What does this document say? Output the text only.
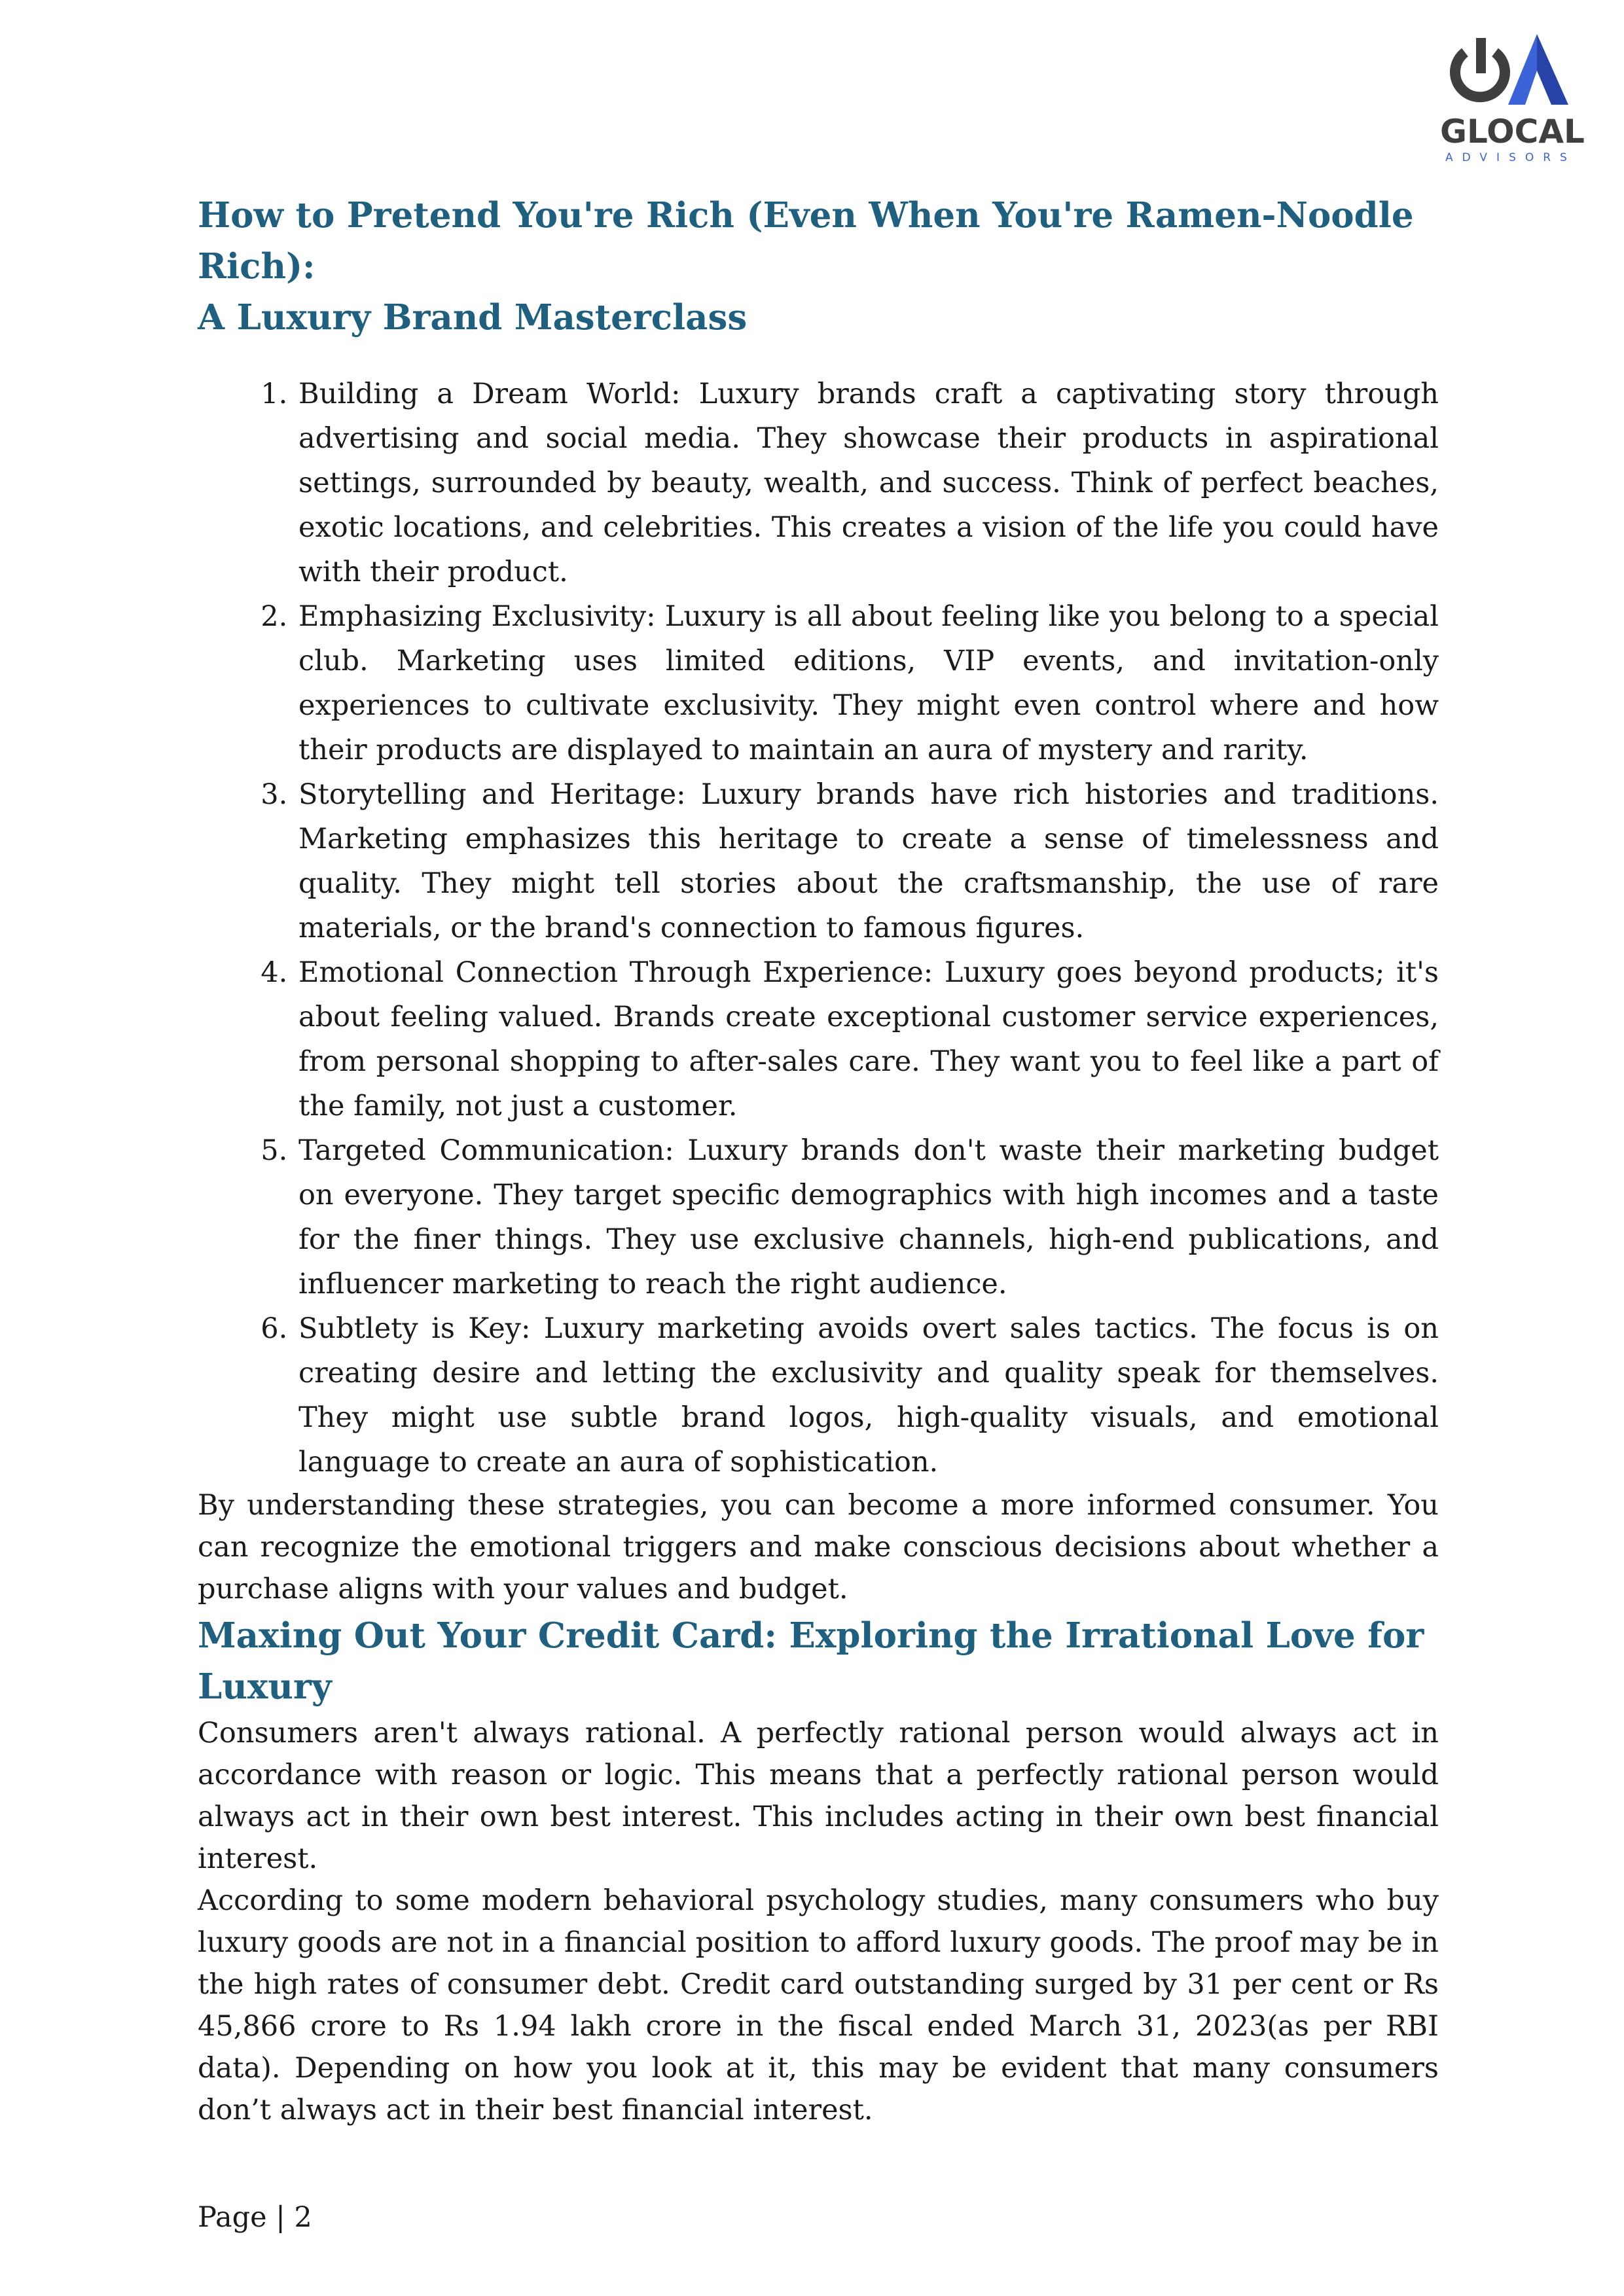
GLOCAL
ADVISORS
How to Pretend You're Rich (Even When You're Ramen-Noodle Rich):
A Luxury Brand Masterclass
1. Building a Dream World: Luxury brands craft a captivating story through advertising and social media. They showcase their products in aspirational settings, surrounded by beauty, wealth, and success. Think of perfect beaches, exotic locations, and celebrities. This creates a vision of the life you could have with their product.
2. Emphasizing Exclusivity: Luxury is all about feeling like you belong to a special club. Marketing uses limited editions, VIP events, and invitation-only experiences to cultivate exclusivity. They might even control where and how their products are displayed to maintain an aura of mystery and rarity.
3. Storytelling and Heritage: Luxury brands have rich histories and traditions. Marketing emphasizes this heritage to create a sense of timelessness and quality. They might tell stories about the craftsmanship, the use of rare materials, or the brand's connection to famous figures.
4. Emotional Connection Through Experience: Luxury goes beyond products; it's about feeling valued. Brands create exceptional customer service experiences, from personal shopping to after-sales care. They want you to feel like a part of the family, not just a customer.
5. Targeted Communication: Luxury brands don't waste their marketing budget on everyone. They target specific demographics with high incomes and a taste for the finer things. They use exclusive channels, high-end publications, and influencer marketing to reach the right audience.
6. Subtlety is Key: Luxury marketing avoids overt sales tactics. The focus is on creating desire and letting the exclusivity and quality speak for themselves. They might use subtle brand logos, high-quality visuals, and emotional language to create an aura of sophistication.

By understanding these strategies, you can become a more informed consumer. You can recognize the emotional triggers and make conscious decisions about whether a purchase aligns with your values and budget.

Maxing Out Your Credit Card: Exploring the Irrational Love for Luxury

Consumers aren't always rational. A perfectly rational person would always act in accordance with reason or logic. This means that a perfectly rational person would always act in their own best interest. This includes acting in their own best financial interest.

According to some modern behavioral psychology studies, many consumers who buy luxury goods are not in a financial position to afford luxury goods. The proof may be in the high rates of consumer debt. Credit card outstanding surged by 31 per cent or Rs 45,866 crore to Rs 1.94 lakh crore in the fiscal ended March 31, 2023(as per RBI data). Depending on how you look at it, this may be evident that many consumers don’t always act in their best financial interest.

Page | 2
